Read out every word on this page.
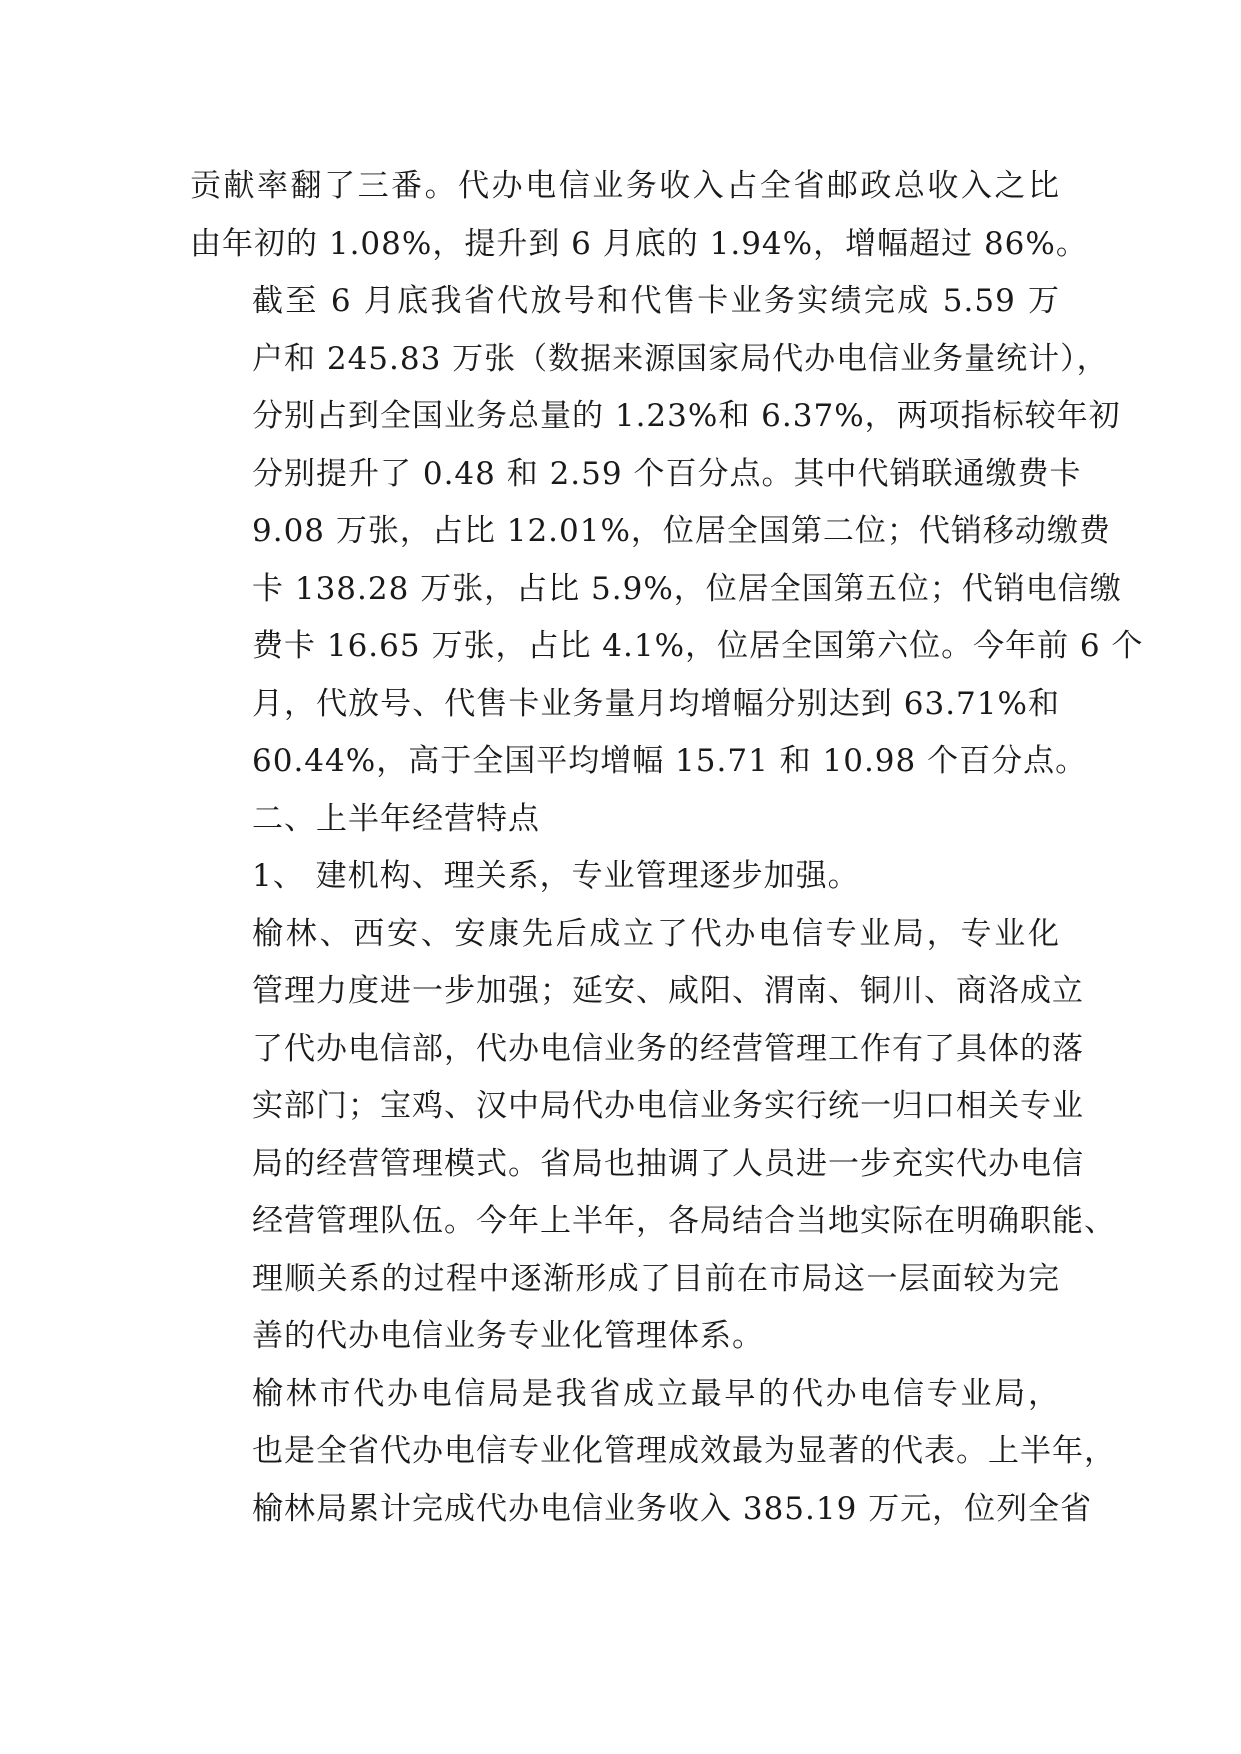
贡献率翻了三番。代办电信业务收入占全省邮政总收入之比
由年初的 1.08%，提升到 6 月底的 1.94%，增幅超过 86%。
截至 6 月底我省代放号和代售卡业务实绩完成 5.59 万
户和 245.83 万张（数据来源国家局代办电信业务量统计），
分别占到全国业务总量的 1.23%和 6.37%，两项指标较年初
分别提升了 0.48 和 2.59 个百分点。其中代销联通缴费卡
9.08 万张，占比 12.01%，位居全国第二位；代销移动缴费
卡 138.28 万张，占比 5.9%，位居全国第五位；代销电信缴
费卡 16.65 万张，占比 4.1%，位居全国第六位。今年前 6 个
月，代放号、代售卡业务量月均增幅分别达到 63.71%和
60.44%，高于全国平均增幅 15.71 和 10.98 个百分点。
二、上半年经营特点
1、 建机构、理关系，专业管理逐步加强。
榆林、西安、安康先后成立了代办电信专业局，专业化
管理力度进一步加强；延安、咸阳、渭南、铜川、商洛成立
了代办电信部，代办电信业务的经营管理工作有了具体的落
实部门；宝鸡、汉中局代办电信业务实行统一归口相关专业
局的经营管理模式。省局也抽调了人员进一步充实代办电信
经营管理队伍。今年上半年，各局结合当地实际在明确职能、
理顺关系的过程中逐渐形成了目前在市局这一层面较为完
善的代办电信业务专业化管理体系。
榆林市代办电信局是我省成立最早的代办电信专业局，
也是全省代办电信专业化管理成效最为显著的代表。上半年，
榆林局累计完成代办电信业务收入 385.19 万元，位列全省
